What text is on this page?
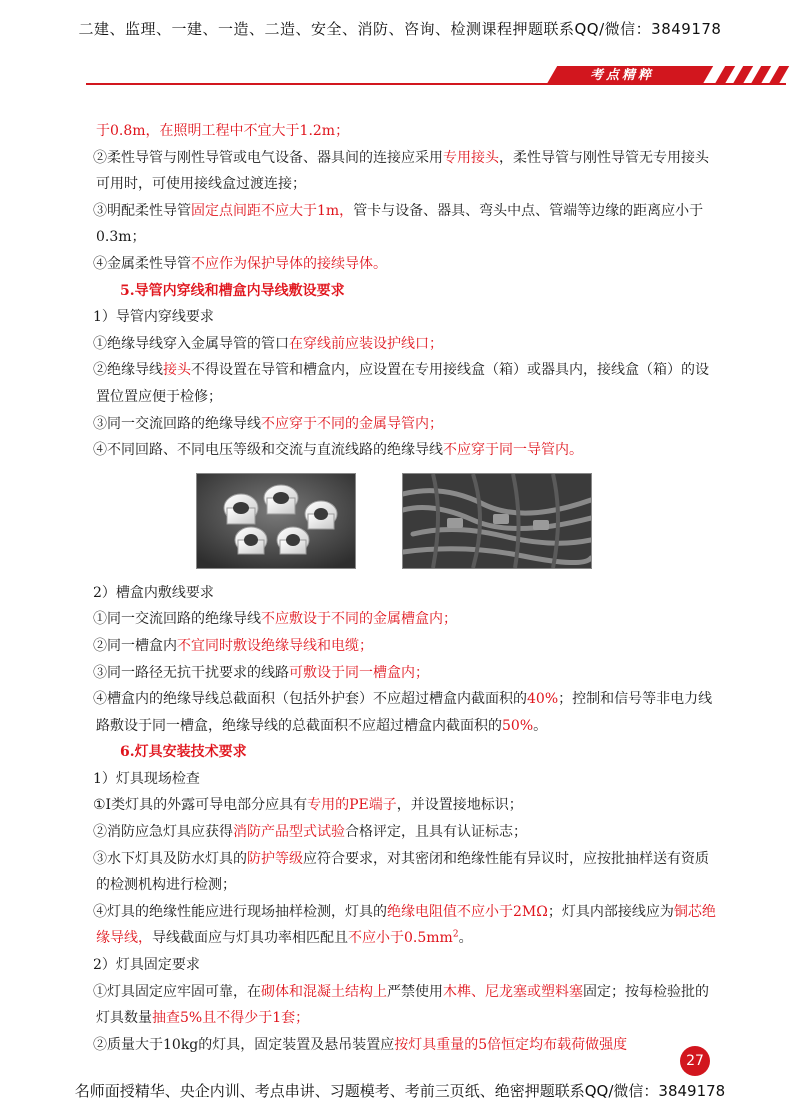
二建、监理、一建、一造、二造、安全、消防、咨询、检测课程押题联系QQ/微信：3849178
考点精粹

于0.8m，在照明工程中不宜大于1.2m；

②柔性导管与刚性导管或电气设备、器具间的连接应采用专用接头，柔性导管与刚性导管无专用接头可用时，可使用接线盒过渡连接；

③明配柔性导管固定点间距不应大于1m，管卡与设备、器具、弯头中点、管端等边缘的距离应小于0.3m；

④金属柔性导管不应作为保护导体的接续导体。

5.导管内穿线和槽盒内导线敷设要求

1）导管内穿线要求

①绝缘导线穿入金属导管的管口在穿线前应装设护线口；

②绝缘导线接头不得设置在导管和槽盒内，应设置在专用接线盒（箱）或器具内，接线盒（箱）的设置位置应便于检修；

③同一交流回路的绝缘导线不应穿于不同的金属导管内；

④不同回路、不同电压等级和交流与直流线路的绝缘导线不应穿于同一导管内。

2）槽盒内敷线要求

①同一交流回路的绝缘导线不应敷设于不同的金属槽盒内；

②同一槽盒内不宜同时敷设绝缘导线和电缆；

③同一路径无抗干扰要求的线路可敷设于同一槽盒内；

④槽盒内的绝缘导线总截面积（包括外护套）不应超过槽盒内截面积的40%；控制和信号等非电力线路敷设于同一槽盒，绝缘导线的总截面积不应超过槽盒内截面积的50%。

6.灯具安装技术要求

1）灯具现场检查

①Ⅰ类灯具的外露可导电部分应具有专用的PE端子，并设置接地标识；

②消防应急灯具应获得消防产品型式试验合格评定，且具有认证标志；

③水下灯具及防水灯具的防护等级应符合要求，对其密闭和绝缘性能有异议时，应按批抽样送有资质的检测机构进行检测；

④灯具的绝缘性能应进行现场抽样检测，灯具的绝缘电阻值不应小于2MΩ；灯具内部接线应为铜芯绝缘导线，导线截面应与灯具功率相匹配且不应小于$0.5mm^2$。

2）灯具固定要求

①灯具固定应牢固可靠，在砌体和混凝土结构上严禁使用木榫、尼龙塞或塑料塞固定；按每检验批的灯具数量抽查5%且不得少于1套；

②质量大于10kg的灯具，固定装置及悬吊装置应按灯具重量的5倍恒定均布载荷做强度

27
名师面授精华、央企内训、考点串讲、习题模考、考前三页纸、绝密押题联系QQ/微信：3849178
